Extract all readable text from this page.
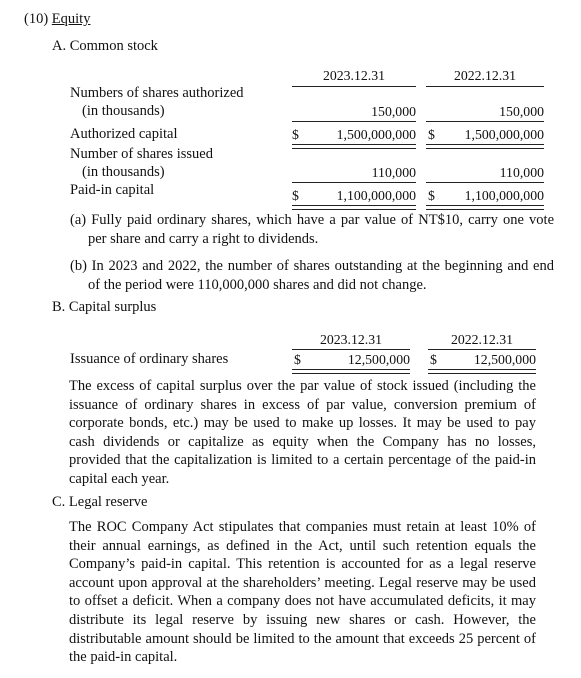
(10) Equity
A. Common stock
2023.12.31	2022.12.31
Numbers of shares authorized
(in thousands)	150,000	150,000
Authorized capital	$	1,500,000,000 $	1,500,000,000
Number of shares issued
(in thousands)	110,000	110,000
Paid-in capital	$	1,100,000,000 $	1,100,000,000
(a) Fully paid ordinary shares, which have a par value of NT$10, carry one vote per share and carry a right to dividends.
(b) In 2023 and 2022, the number of shares outstanding at the beginning and end of the period were 110,000,000 shares and did not change.
B. Capital surplus
2023.12.31	2022.12.31
Issuance of ordinary shares	$	12,500,000 $	12,500,000
The excess of capital surplus over the par value of stock issued (including the issuance of ordinary shares in excess of par value, conversion premium of corporate bonds, etc.) may be used to make up losses. It may be used to pay cash dividends or capitalize as equity when the Company has no losses, provided that the capitalization is limited to a certain percentage of the paid-in capital each year.
C. Legal reserve
The ROC Company Act stipulates that companies must retain at least 10% of their annual earnings, as defined in the Act, until such retention equals the Company’s paid-in capital. This retention is accounted for as a legal reserve account upon approval at the shareholders’ meeting. Legal reserve may be used to offset a deficit. When a company does not have accumulated deficits, it may distribute its legal reserve by issuing new shares or cash. However, the distributable amount should be limited to the amount that exceeds 25 percent of the paid-in capital.
